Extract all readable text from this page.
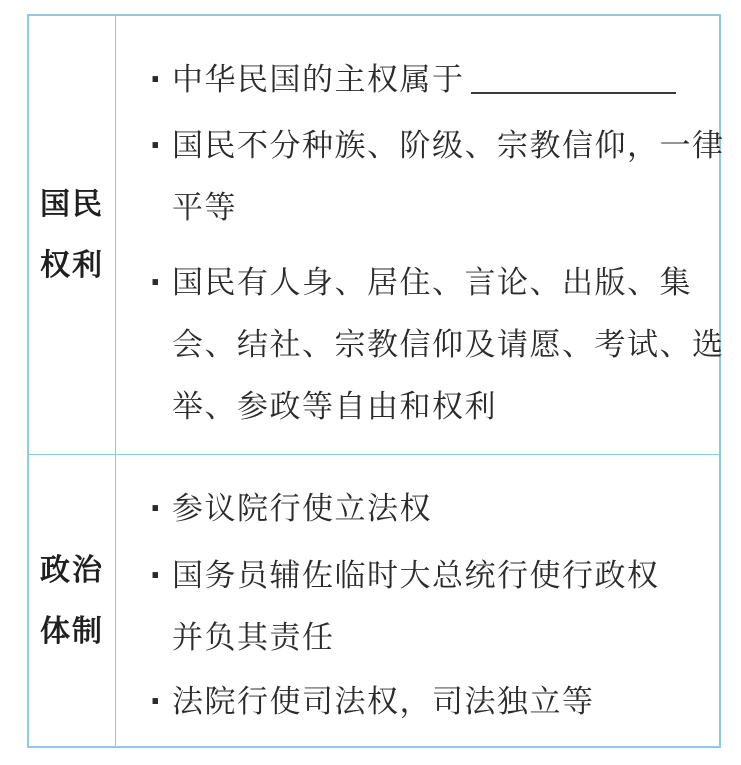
国民
权利
· 中华民国的主权属于
· 国民不分种族、阶级、宗教信仰，一律
平等
· 国民有人身、居住、言论、出版、集
会、结社、宗教信仰及请愿、考试、选
举、参政等自由和权利
政治
体制
· 参议院行使立法权
· 国务员辅佐临时大总统行使行政权
并负其责任
· 法院行使司法权，司法独立等
